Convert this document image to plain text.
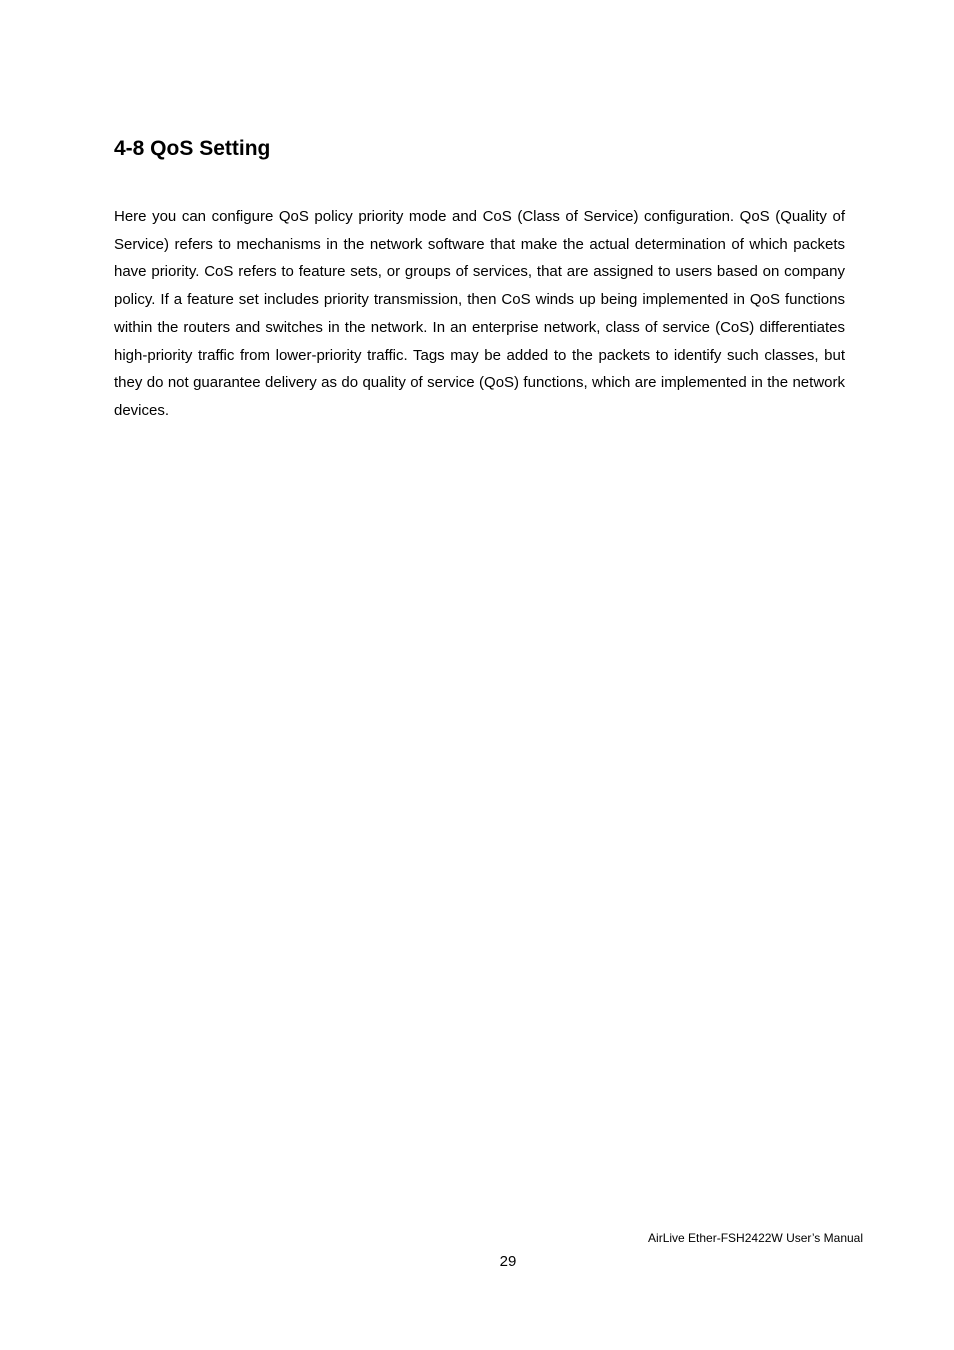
4-8 QoS Setting

Here you can configure QoS policy priority mode and CoS (Class of Service) configuration. QoS (Quality of Service) refers to mechanisms in the network software that make the actual determination of which packets have priority. CoS refers to feature sets, or groups of services, that are assigned to users based on company policy. If a feature set includes priority transmission, then CoS winds up being implemented in QoS functions within the routers and switches in the network. In an enterprise network, class of service (CoS) differentiates high-priority traffic from lower-priority traffic. Tags may be added to the packets to identify such classes, but they do not guarantee delivery as do quality of service (QoS) functions, which are implemented in the network devices.

AirLive Ether-FSH2422W User’s Manual

29
